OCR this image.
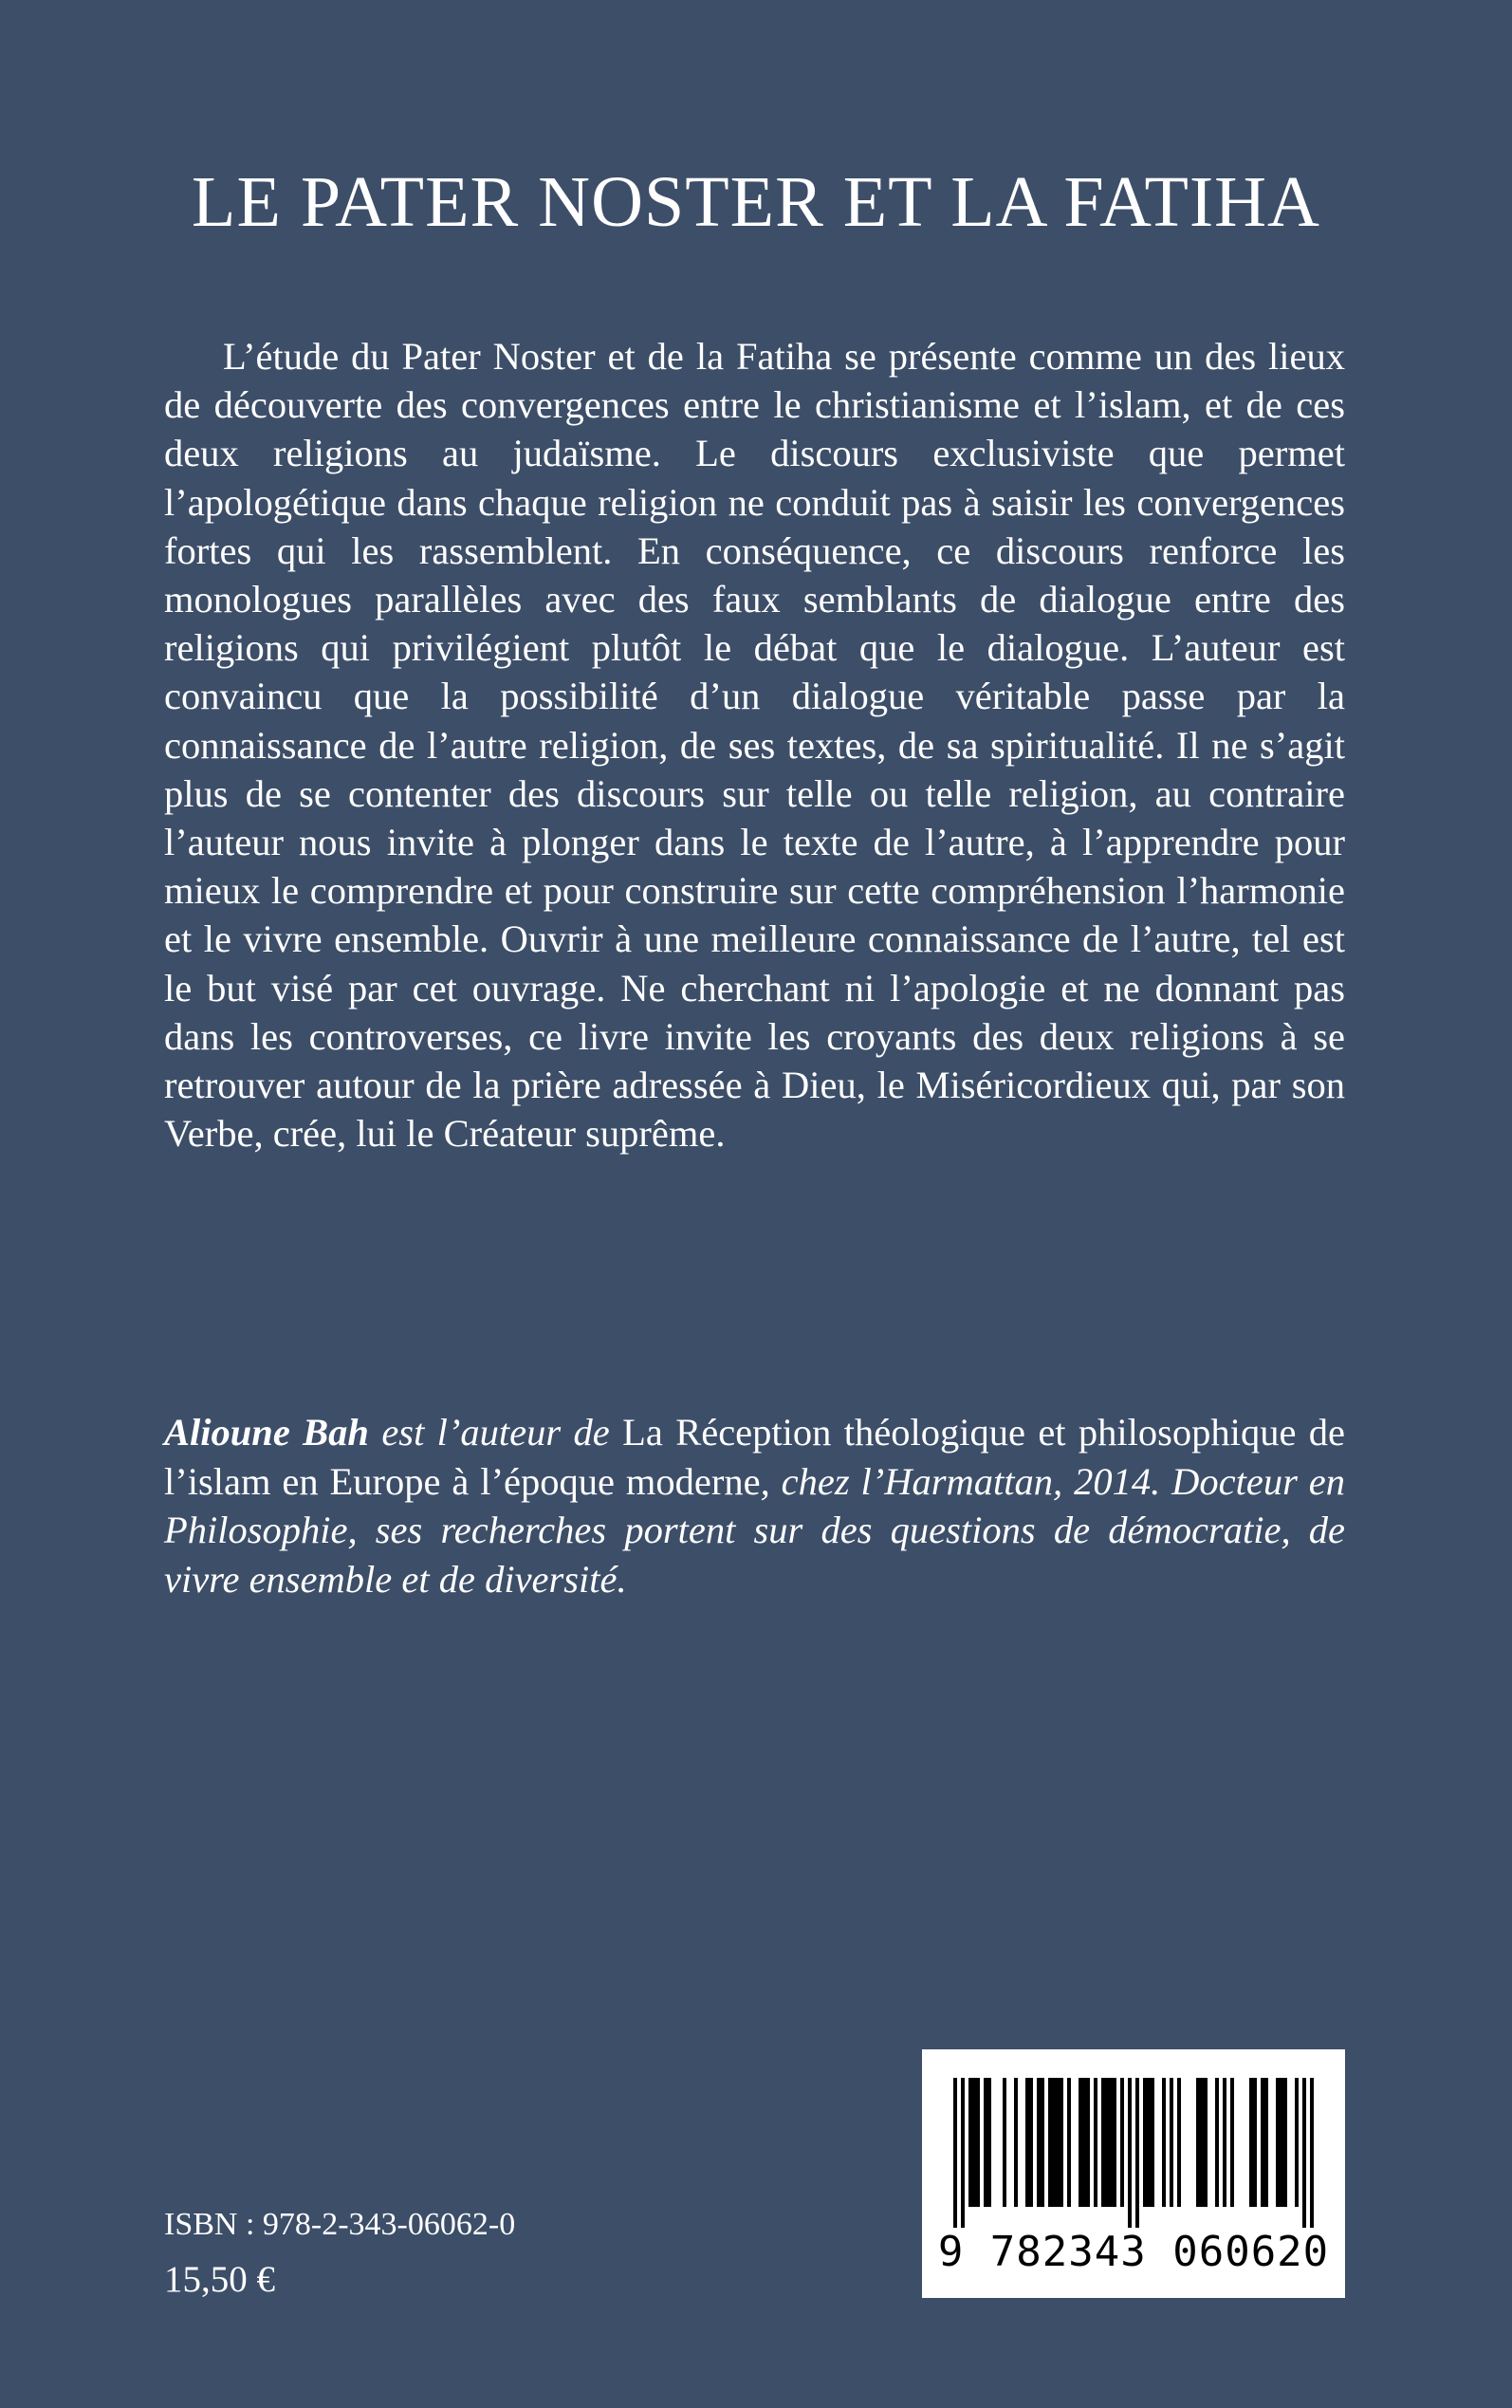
LE PATER NOSTER ET LA FATIHA

L’étude du Pater Noster et de la Fatiha se présente comme un des lieux de découverte des convergences entre le christianisme et l’islam, et de ces deux religions au judaïsme. Le discours exclusiviste que permet l’apologétique dans chaque religion ne conduit pas à saisir les convergences fortes qui les rassemblent. En conséquence, ce discours renforce les monologues parallèles avec des faux semblants de dialogue entre des religions qui privilégient plutôt le débat que le dialogue. L’auteur est convaincu que la possibilité d’un dialogue véritable passe par la connaissance de l’autre religion, de ses textes, de sa spiritualité. Il ne s’agit plus de se contenter des discours sur telle ou telle religion, au contraire l’auteur nous invite à plonger dans le texte de l’autre, à l’apprendre pour mieux le comprendre et pour construire sur cette compréhension l’harmonie et le vivre ensemble. Ouvrir à une meilleure connaissance de l’autre, tel est le but visé par cet ouvrage. Ne cherchant ni l’apologie et ne donnant pas dans les controverses, ce livre invite les croyants des deux religions à se retrouver autour de la prière adressée à Dieu, le Miséricordieux qui, par son Verbe, crée, lui le Créateur suprême.

Alioune Bah est l’auteur de La Réception théologique et philosophique de l’islam en Europe à l’époque moderne, chez l’Harmattan, 2014. Docteur en Philosophie, ses recherches portent sur des questions de démocratie, de vivre ensemble et de diversité.

ISBN : 978-2-343-06062-0

15,50 €

9 782343 060620
